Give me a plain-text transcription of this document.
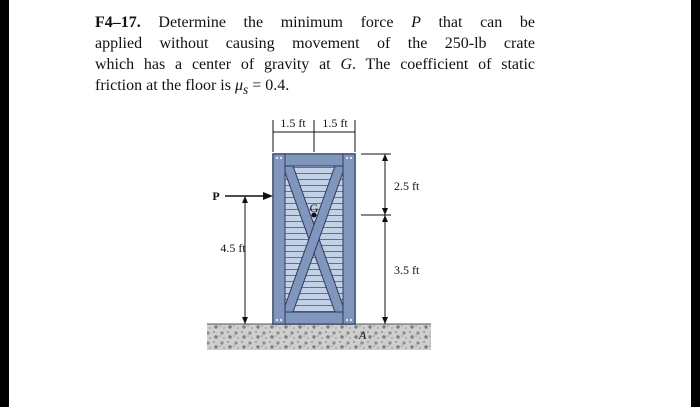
F4–17. Determine the minimum force P that can be
applied without causing movement of the 250-lb crate
which has a center of gravity at G. The coefficient of static
friction at the floor is $\mu_s = 0.4$.
G
1.5 ft 1.5 ft
P
4.5 ft
2.5 ft
3.5 ft
A
